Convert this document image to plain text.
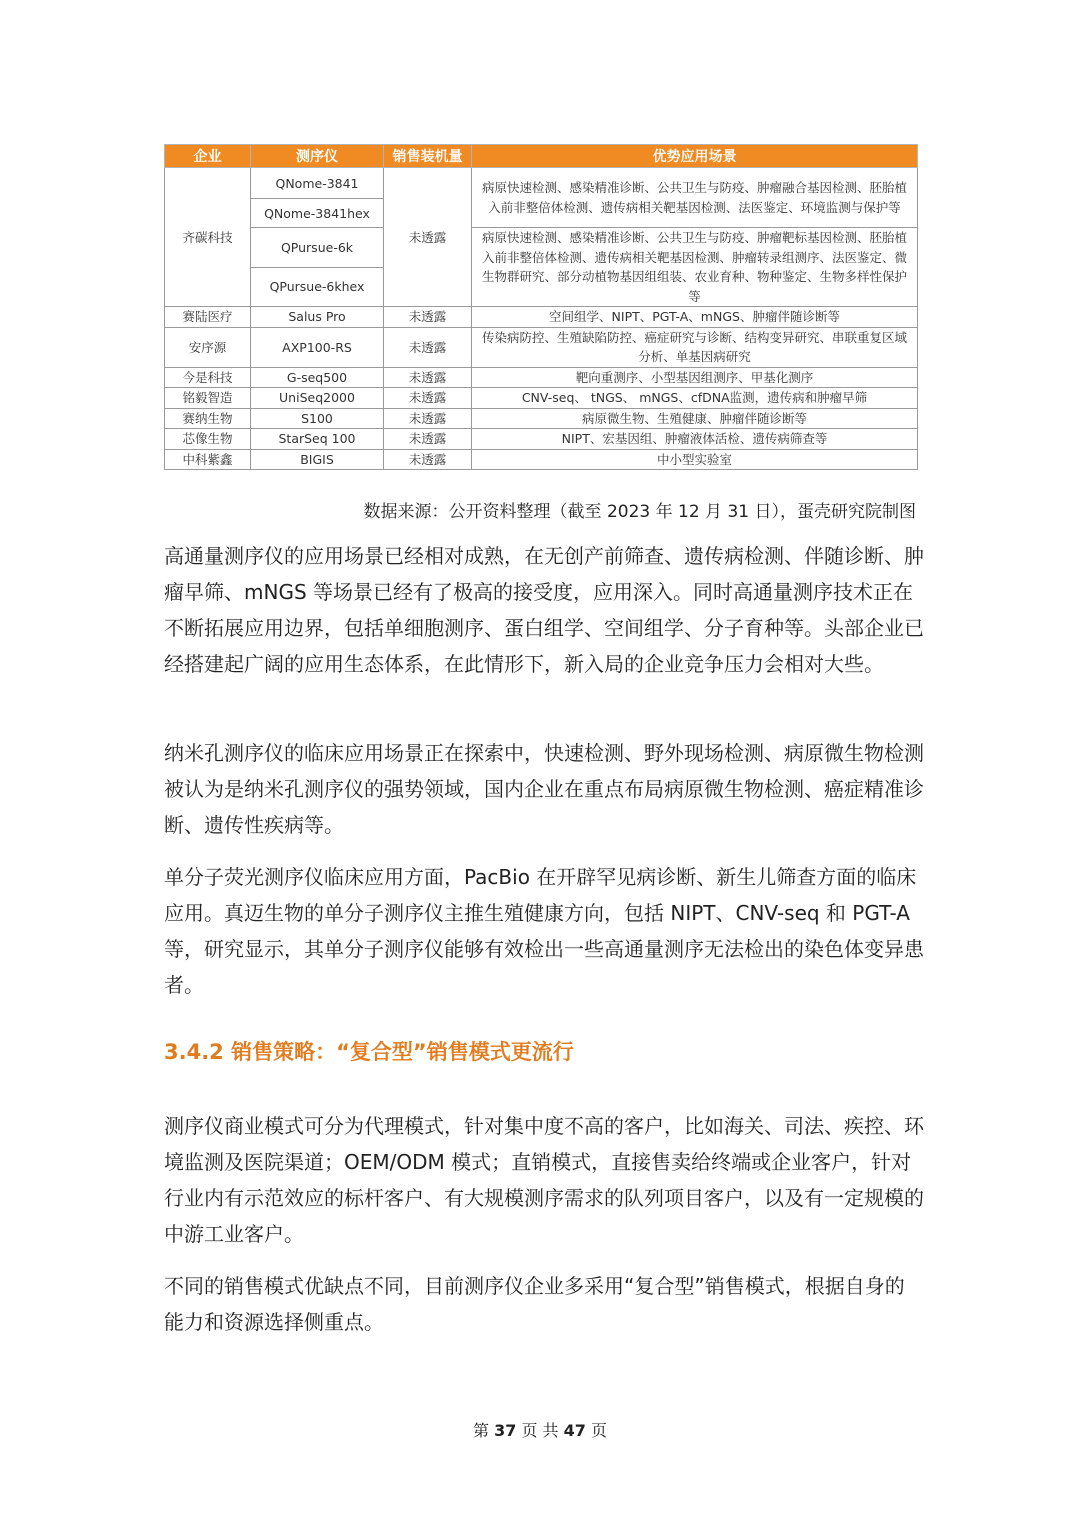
企业	测序仪	销售装机量	优势应用场景
齐碳科技	QNome-3841	未透露	病原快速检测、感染精准诊断、公共卫生与防疫、肿瘤融合基因检测、胚胎植入前非整倍体检测、遗传病相关靶基因检测、法医鉴定、环境监测与保护等
	QNome-3841hex		
	QPursue-6k		病原快速检测、感染精准诊断、公共卫生与防疫、肿瘤靶标基因检测、胚胎植入前非整倍体检测、遗传病相关靶基因检测、肿瘤转录组测序、法医鉴定、微生物群研究、部分动植物基因组组装、农业育种、物种鉴定、生物多样性保护等
	QPursue-6khex		
赛陆医疗	Salus Pro	未透露	空间组学、NIPT、PGT-A、mNGS、肿瘤伴随诊断等
安序源	AXP100-RS	未透露	传染病防控、生殖缺陷防控、癌症研究与诊断、结构变异研究、串联重复区域分析、单基因病研究
今是科技	G-seq500	未透露	靶向重测序、小型基因组测序、甲基化测序
铭毅智造	UniSeq2000	未透露	CNV-seq、 tNGS、 mNGS、cfDNA监测，遗传病和肿瘤早筛
赛纳生物	S100	未透露	病原微生物、生殖健康、肿瘤伴随诊断等
芯像生物	StarSeq 100	未透露	NIPT、宏基因组、肿瘤液体活检、遗传病筛查等
中科紫鑫	BIGIS	未透露	中小型实验室
数据来源：公开资料整理（截至 2023 年 12 月 31 日），蛋壳研究院制图

高通量测序仪的应用场景已经相对成熟，在无创产前筛查、遗传病检测、伴随诊断、肿瘤早筛、mNGS 等场景已经有了极高的接受度，应用深入。同时高通量测序技术正在不断拓展应用边界，包括单细胞测序、蛋白组学、空间组学、分子育种等。头部企业已经搭建起广阔的应用生态体系，在此情形下，新入局的企业竞争压力会相对大些。

纳米孔测序仪的临床应用场景正在探索中，快速检测、野外现场检测、病原微生物检测被认为是纳米孔测序仪的强势领域，国内企业在重点布局病原微生物检测、癌症精准诊断、遗传性疾病等。

单分子荧光测序仪临床应用方面，PacBio 在开辟罕见病诊断、新生儿筛查方面的临床应用。真迈生物的单分子测序仪主推生殖健康方向，包括 NIPT、CNV-seq 和 PGT-A 等，研究显示，其单分子测序仪能够有效检出一些高通量测序无法检出的染色体变异患者。

3.4.2 销售策略：“复合型”销售模式更流行

测序仪商业模式可分为代理模式，针对集中度不高的客户，比如海关、司法、疾控、环境监测及医院渠道；OEM/ODM 模式；直销模式，直接售卖给终端或企业客户，针对行业内有示范效应的标杆客户、有大规模测序需求的队列项目客户，以及有一定规模的中游工业客户。

不同的销售模式优缺点不同，目前测序仪企业多采用“复合型”销售模式，根据自身的能力和资源选择侧重点。

第 37 页 共 47 页
